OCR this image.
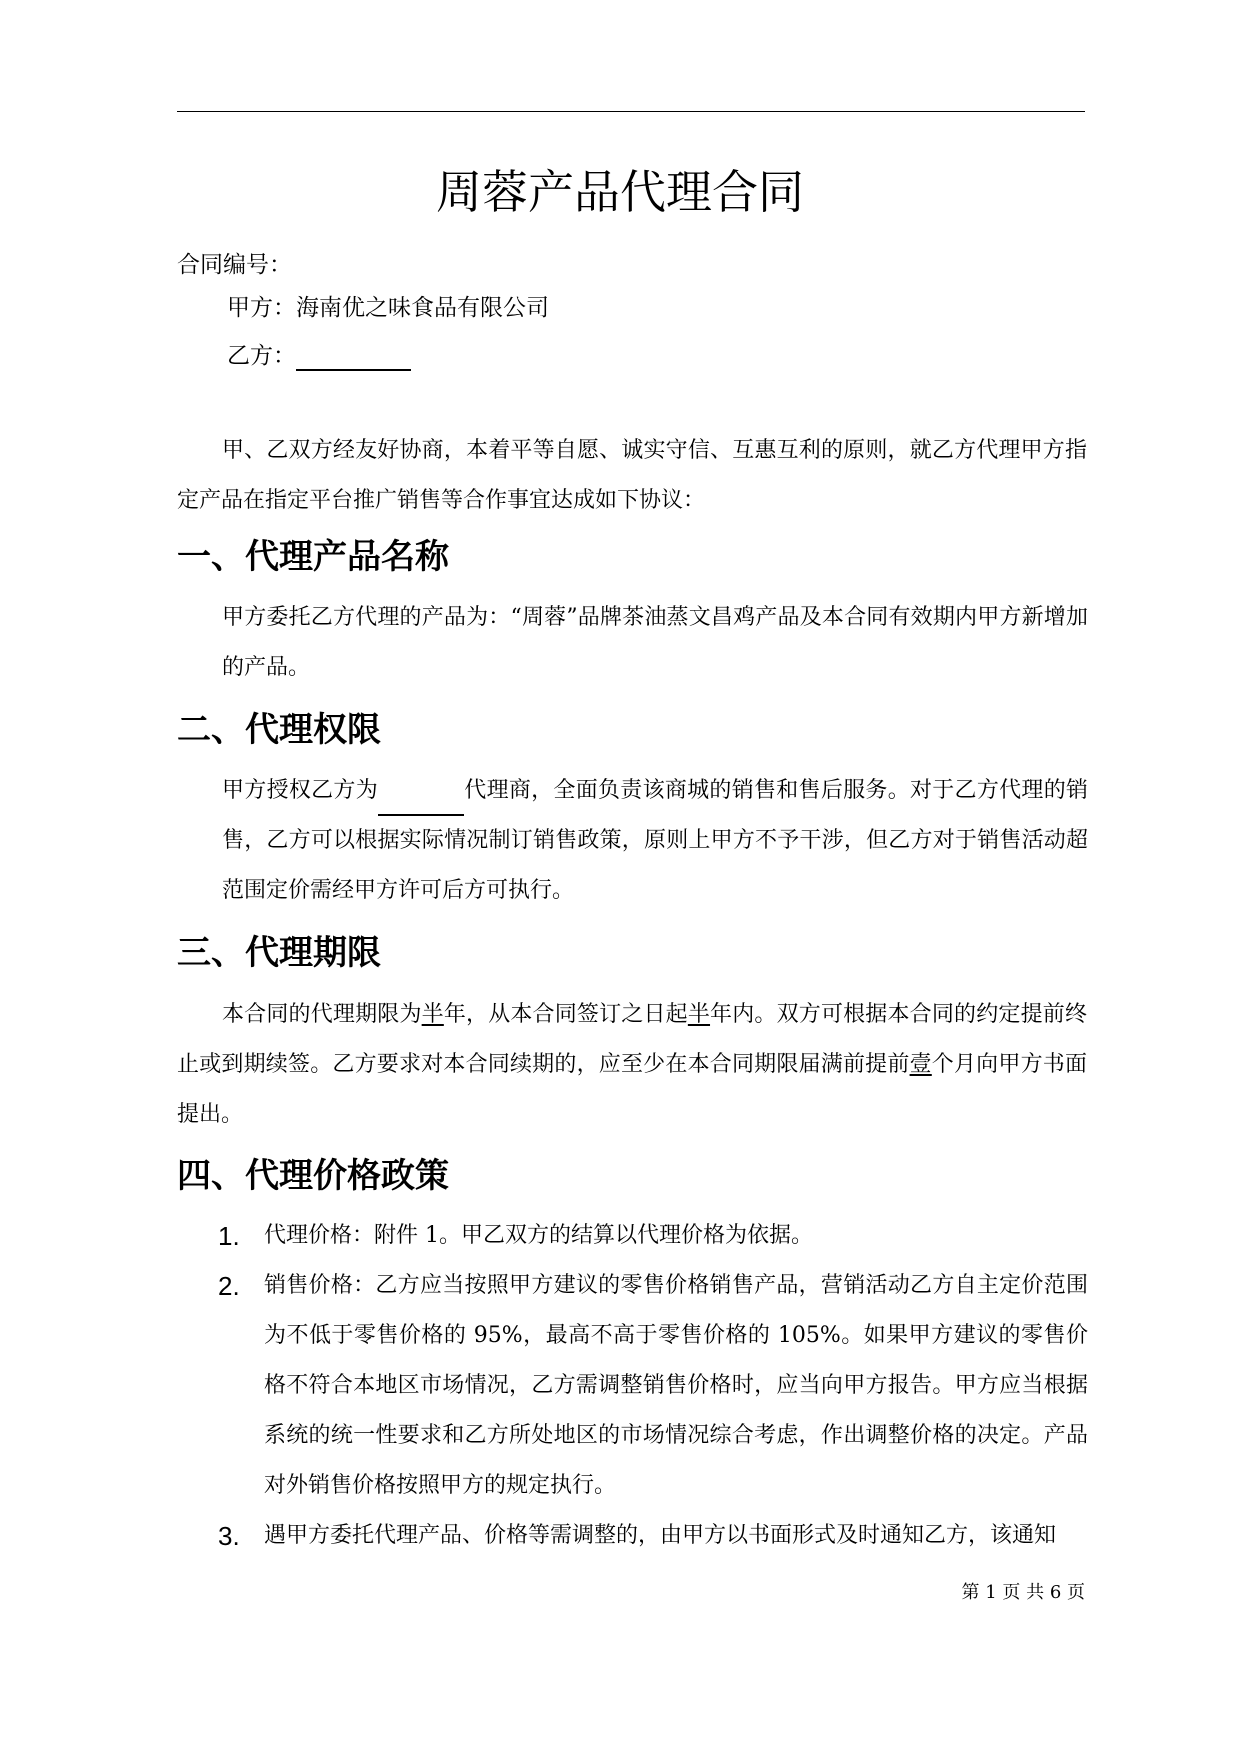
周蓉产品代理合同
合同编号：
甲方：海南优之味食品有限公司
乙方：
甲、乙双方经友好协商，本着平等自愿、诚实守信、互惠互利的原则，就乙方代理甲方指定产品在指定平台推广销售等合作事宜达成如下协议：
一、代理产品名称
甲方委托乙方代理的产品为：“周蓉”品牌茶油蒸文昌鸡产品及本合同有效期内甲方新增加的产品。
二、代理权限
甲方授权乙方为	代理商，全面负责该商城的销售和售后服务。对于乙方代理的销售，乙方可以根据实际情况制订销售政策，原则上甲方不予干涉，但乙方对于销售活动超范围定价需经甲方许可后方可执行。
三、代理期限
本合同的代理期限为半年，从本合同签订之日起半年内。双方可根据本合同的约定提前终止或到期续签。乙方要求对本合同续期的，应至少在本合同期限届满前提前壹个月向甲方书面提出。
四、代理价格政策
1. 代理价格：附件 1。甲乙双方的结算以代理价格为依据。
2. 销售价格：乙方应当按照甲方建议的零售价格销售产品，营销活动乙方自主定价范围为不低于零售价格的 95%，最高不高于零售价格的 105%。如果甲方建议的零售价格不符合本地区市场情况，乙方需调整销售价格时，应当向甲方报告。甲方应当根据系统的统一性要求和乙方所处地区的市场情况综合考虑，作出调整价格的决定。产品对外销售价格按照甲方的规定执行。
3. 遇甲方委托代理产品、价格等需调整的，由甲方以书面形式及时通知乙方，该通知
第 1 页 共 6 页
